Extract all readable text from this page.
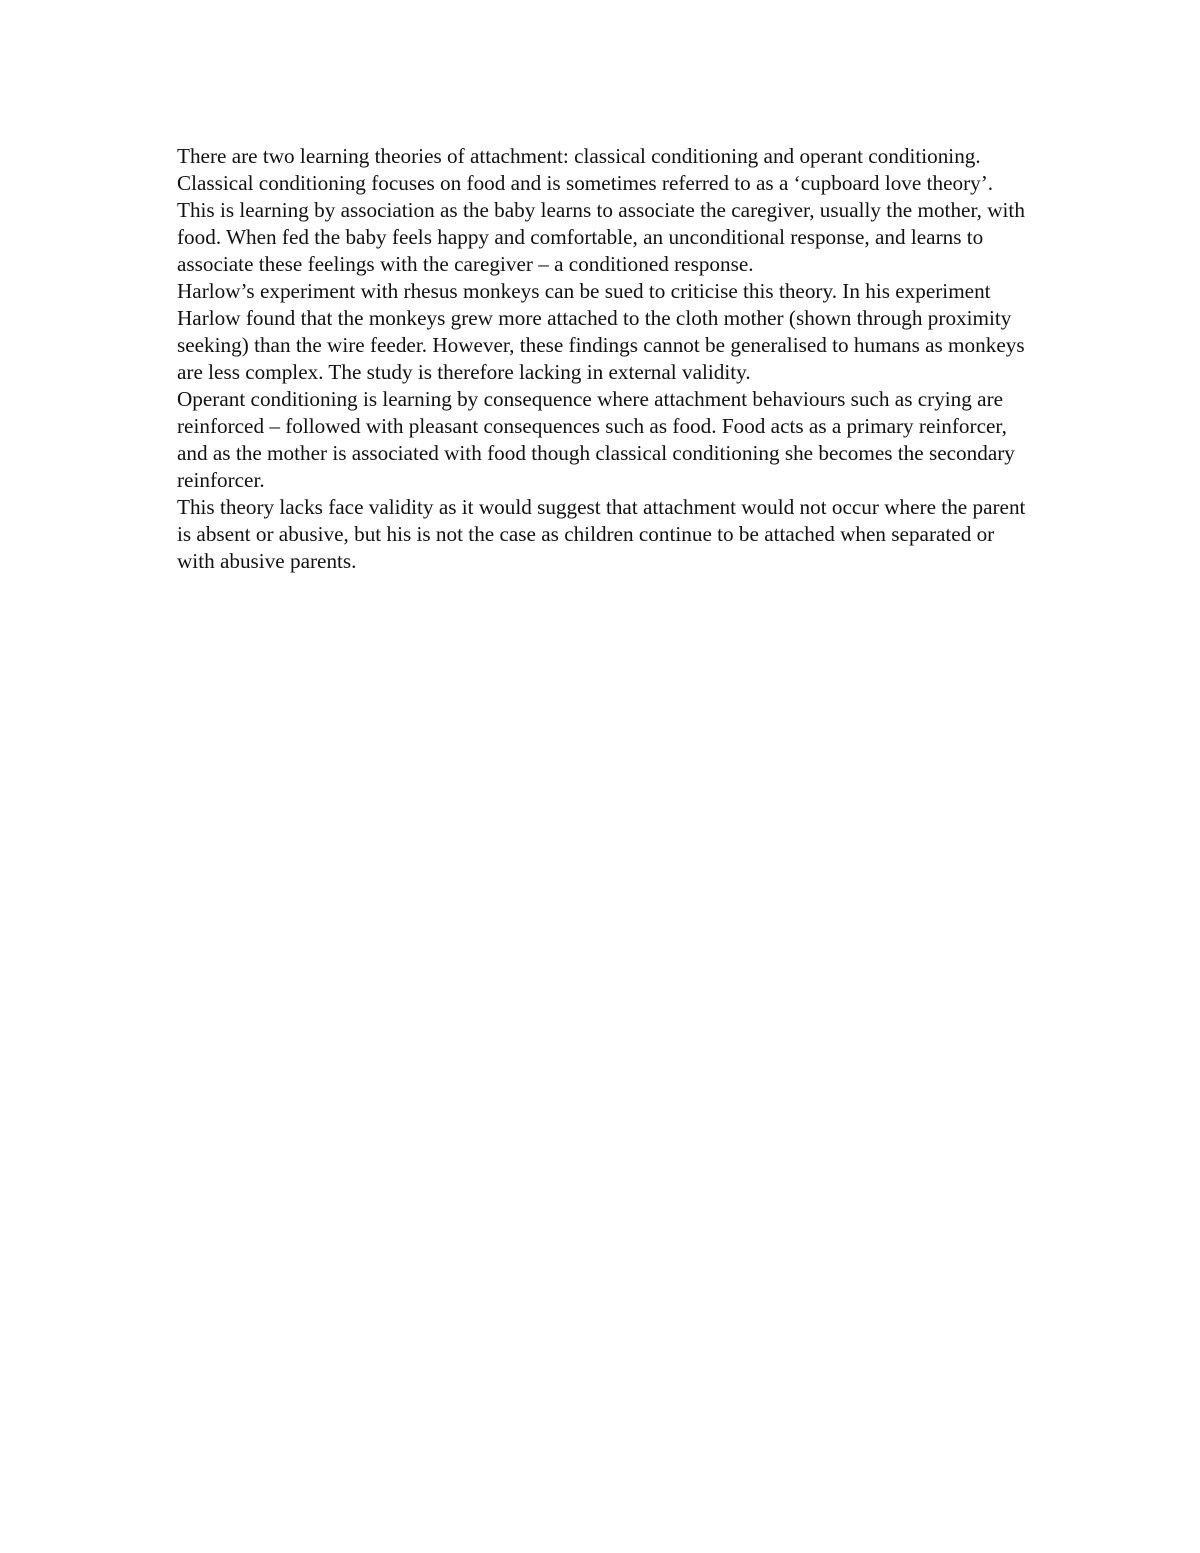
There are two learning theories of attachment: classical conditioning and operant conditioning.

Classical conditioning focuses on food and is sometimes referred to as a ‘cupboard love theory’. This is learning by association as the baby learns to associate the caregiver, usually the mother, with food. When fed the baby feels happy and comfortable, an unconditional response, and learns to associate these feelings with the caregiver – a conditioned response.

Harlow’s experiment with rhesus monkeys can be sued to criticise this theory. In his experiment Harlow found that the monkeys grew more attached to the cloth mother (shown through proximity seeking) than the wire feeder. However, these findings cannot be generalised to humans as monkeys are less complex. The study is therefore lacking in external validity.

Operant conditioning is learning by consequence where attachment behaviours such as crying are reinforced – followed with pleasant consequences such as food. Food acts as a primary reinforcer, and as the mother is associated with food though classical conditioning she becomes the secondary reinforcer.

This theory lacks face validity as it would suggest that attachment would not occur where the parent is absent or abusive, but his is not the case as children continue to be attached when separated or with abusive parents.
